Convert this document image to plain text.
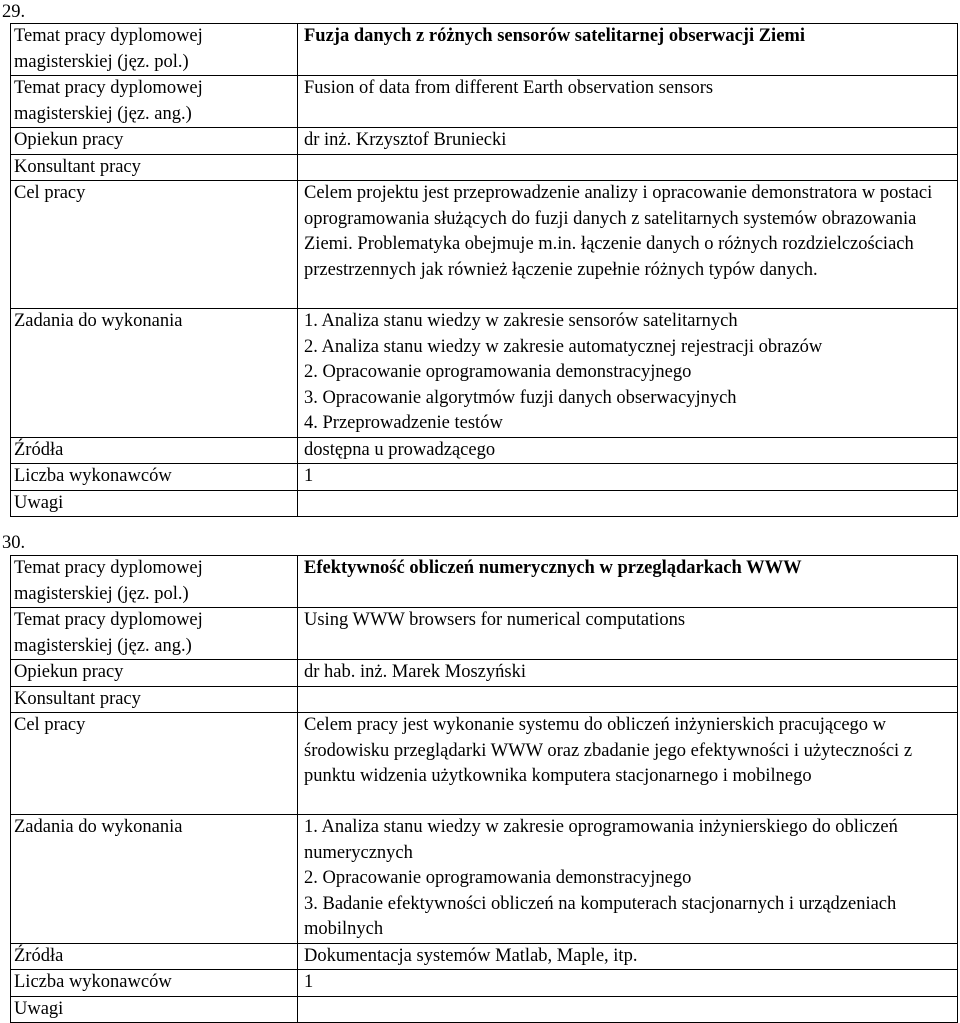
29.
Temat pracy dyplomowej magisterskiej (jęz. pol.)	Fuzja danych z różnych sensorów satelitarnej obserwacji Ziemi
Temat pracy dyplomowej magisterskiej (jęz. ang.)	Fusion of data from different Earth observation sensors
Opiekun pracy	dr inż. Krzysztof Bruniecki
Konsultant pracy	
Cel pracy	Celem projektu jest przeprowadzenie analizy i opracowanie demonstratora w postaci oprogramowania służących do fuzji danych z satelitarnych systemów obrazowania Ziemi. Problematyka obejmuje m.in. łączenie danych o różnych rozdzielczościach przestrzennych jak również łączenie zupełnie różnych typów danych.
Zadania do wykonania	1. Analiza stanu wiedzy w zakresie sensorów satelitarnych
2. Analiza stanu wiedzy w zakresie automatycznej rejestracji obrazów
2. Opracowanie oprogramowania demonstracyjnego
3. Opracowanie algorytmów fuzji danych obserwacyjnych
4. Przeprowadzenie testów

Źródła	dostępna u prowadzącego
Liczba wykonawców	1
Uwagi	
30.
Temat pracy dyplomowej magisterskiej (jęz. pol.)	Efektywność obliczeń numerycznych w przeglądarkach WWW
Temat pracy dyplomowej magisterskiej (jęz. ang.)	Using WWW browsers for numerical computations
Opiekun pracy	dr hab. inż. Marek Moszyński
Konsultant pracy	
Cel pracy	Celem pracy jest wykonanie systemu do obliczeń inżynierskich pracującego w środowisku przeglądarki WWW oraz zbadanie jego efektywności i użyteczności z punktu widzenia użytkownika komputera stacjonarnego i mobilnego
Zadania do wykonania	1. Analiza stanu wiedzy w zakresie oprogramowania inżynierskiego do obliczeń numerycznych
2. Opracowanie oprogramowania demonstracyjnego
3. Badanie efektywności obliczeń na komputerach stacjonarnych i urządzeniach mobilnych

Źródła	Dokumentacja systemów Matlab, Maple, itp.
Liczba wykonawców	1
Uwagi	
